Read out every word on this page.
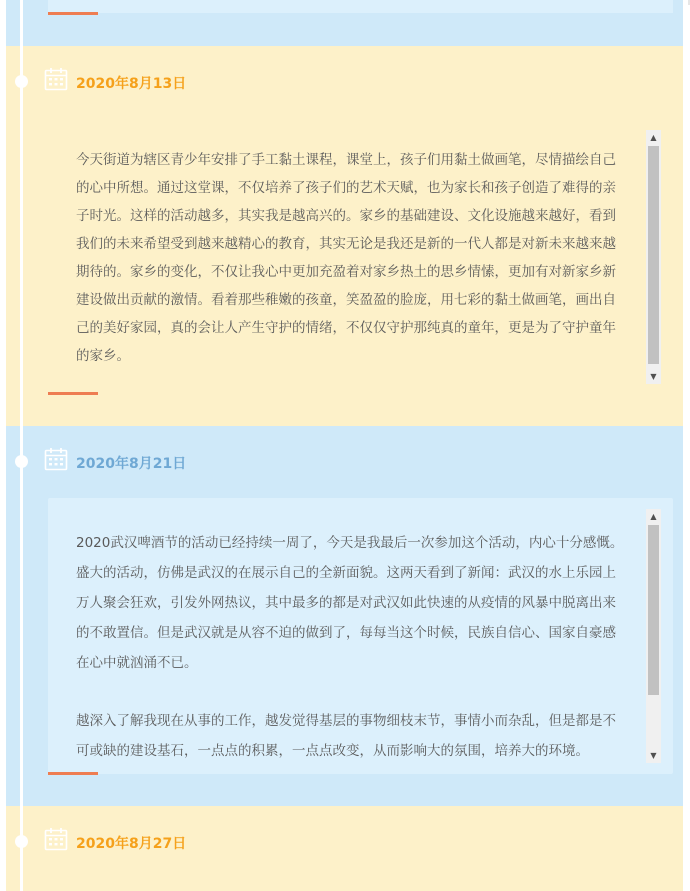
2020年8月13日

今天街道为辖区青少年安排了手工黏土课程，课堂上，孩子们用黏土做画笔，尽情描绘自己的心中所想。通过这堂课，不仅培养了孩子们的艺术天赋，也为家长和孩子创造了难得的亲子时光。这样的活动越多，其实我是越高兴的。家乡的基础建设、文化设施越来越好，看到我们的未来希望受到越来越精心的教育，其实无论是我还是新的一代人都是对新未来越来越期待的。家乡的变化，不仅让我心中更加充盈着对家乡热土的思乡情愫，更加有对新家乡新建设做出贡献的激情。看着那些稚嫩的孩童，笑盈盈的脸庞，用七彩的黏土做画笔，画出自己的美好家园，真的会让人产生守护的情绪，不仅仅守护那纯真的童年，更是为了守护童年的家乡。

▲
▼
2020年8月21日

2020武汉啤酒节的活动已经持续一周了，今天是我最后一次参加这个活动，内心十分感慨。盛大的活动，仿佛是武汉的在展示自己的全新面貌。这两天看到了新闻：武汉的水上乐园上万人聚会狂欢，引发外网热议，其中最多的都是对武汉如此快速的从疫情的风暴中脱离出来的不敢置信。但是武汉就是从容不迫的做到了，每每当这个时候，民族自信心、国家自豪感在心中就汹涌不已。

越深入了解我现在从事的工作，越发觉得基层的事物细枝末节，事情小而杂乱，但是都是不可或缺的建设基石，一点点的积累，一点点改变，从而影响大的氛围，培养大的环境。

▲
▼
2020年8月27日
